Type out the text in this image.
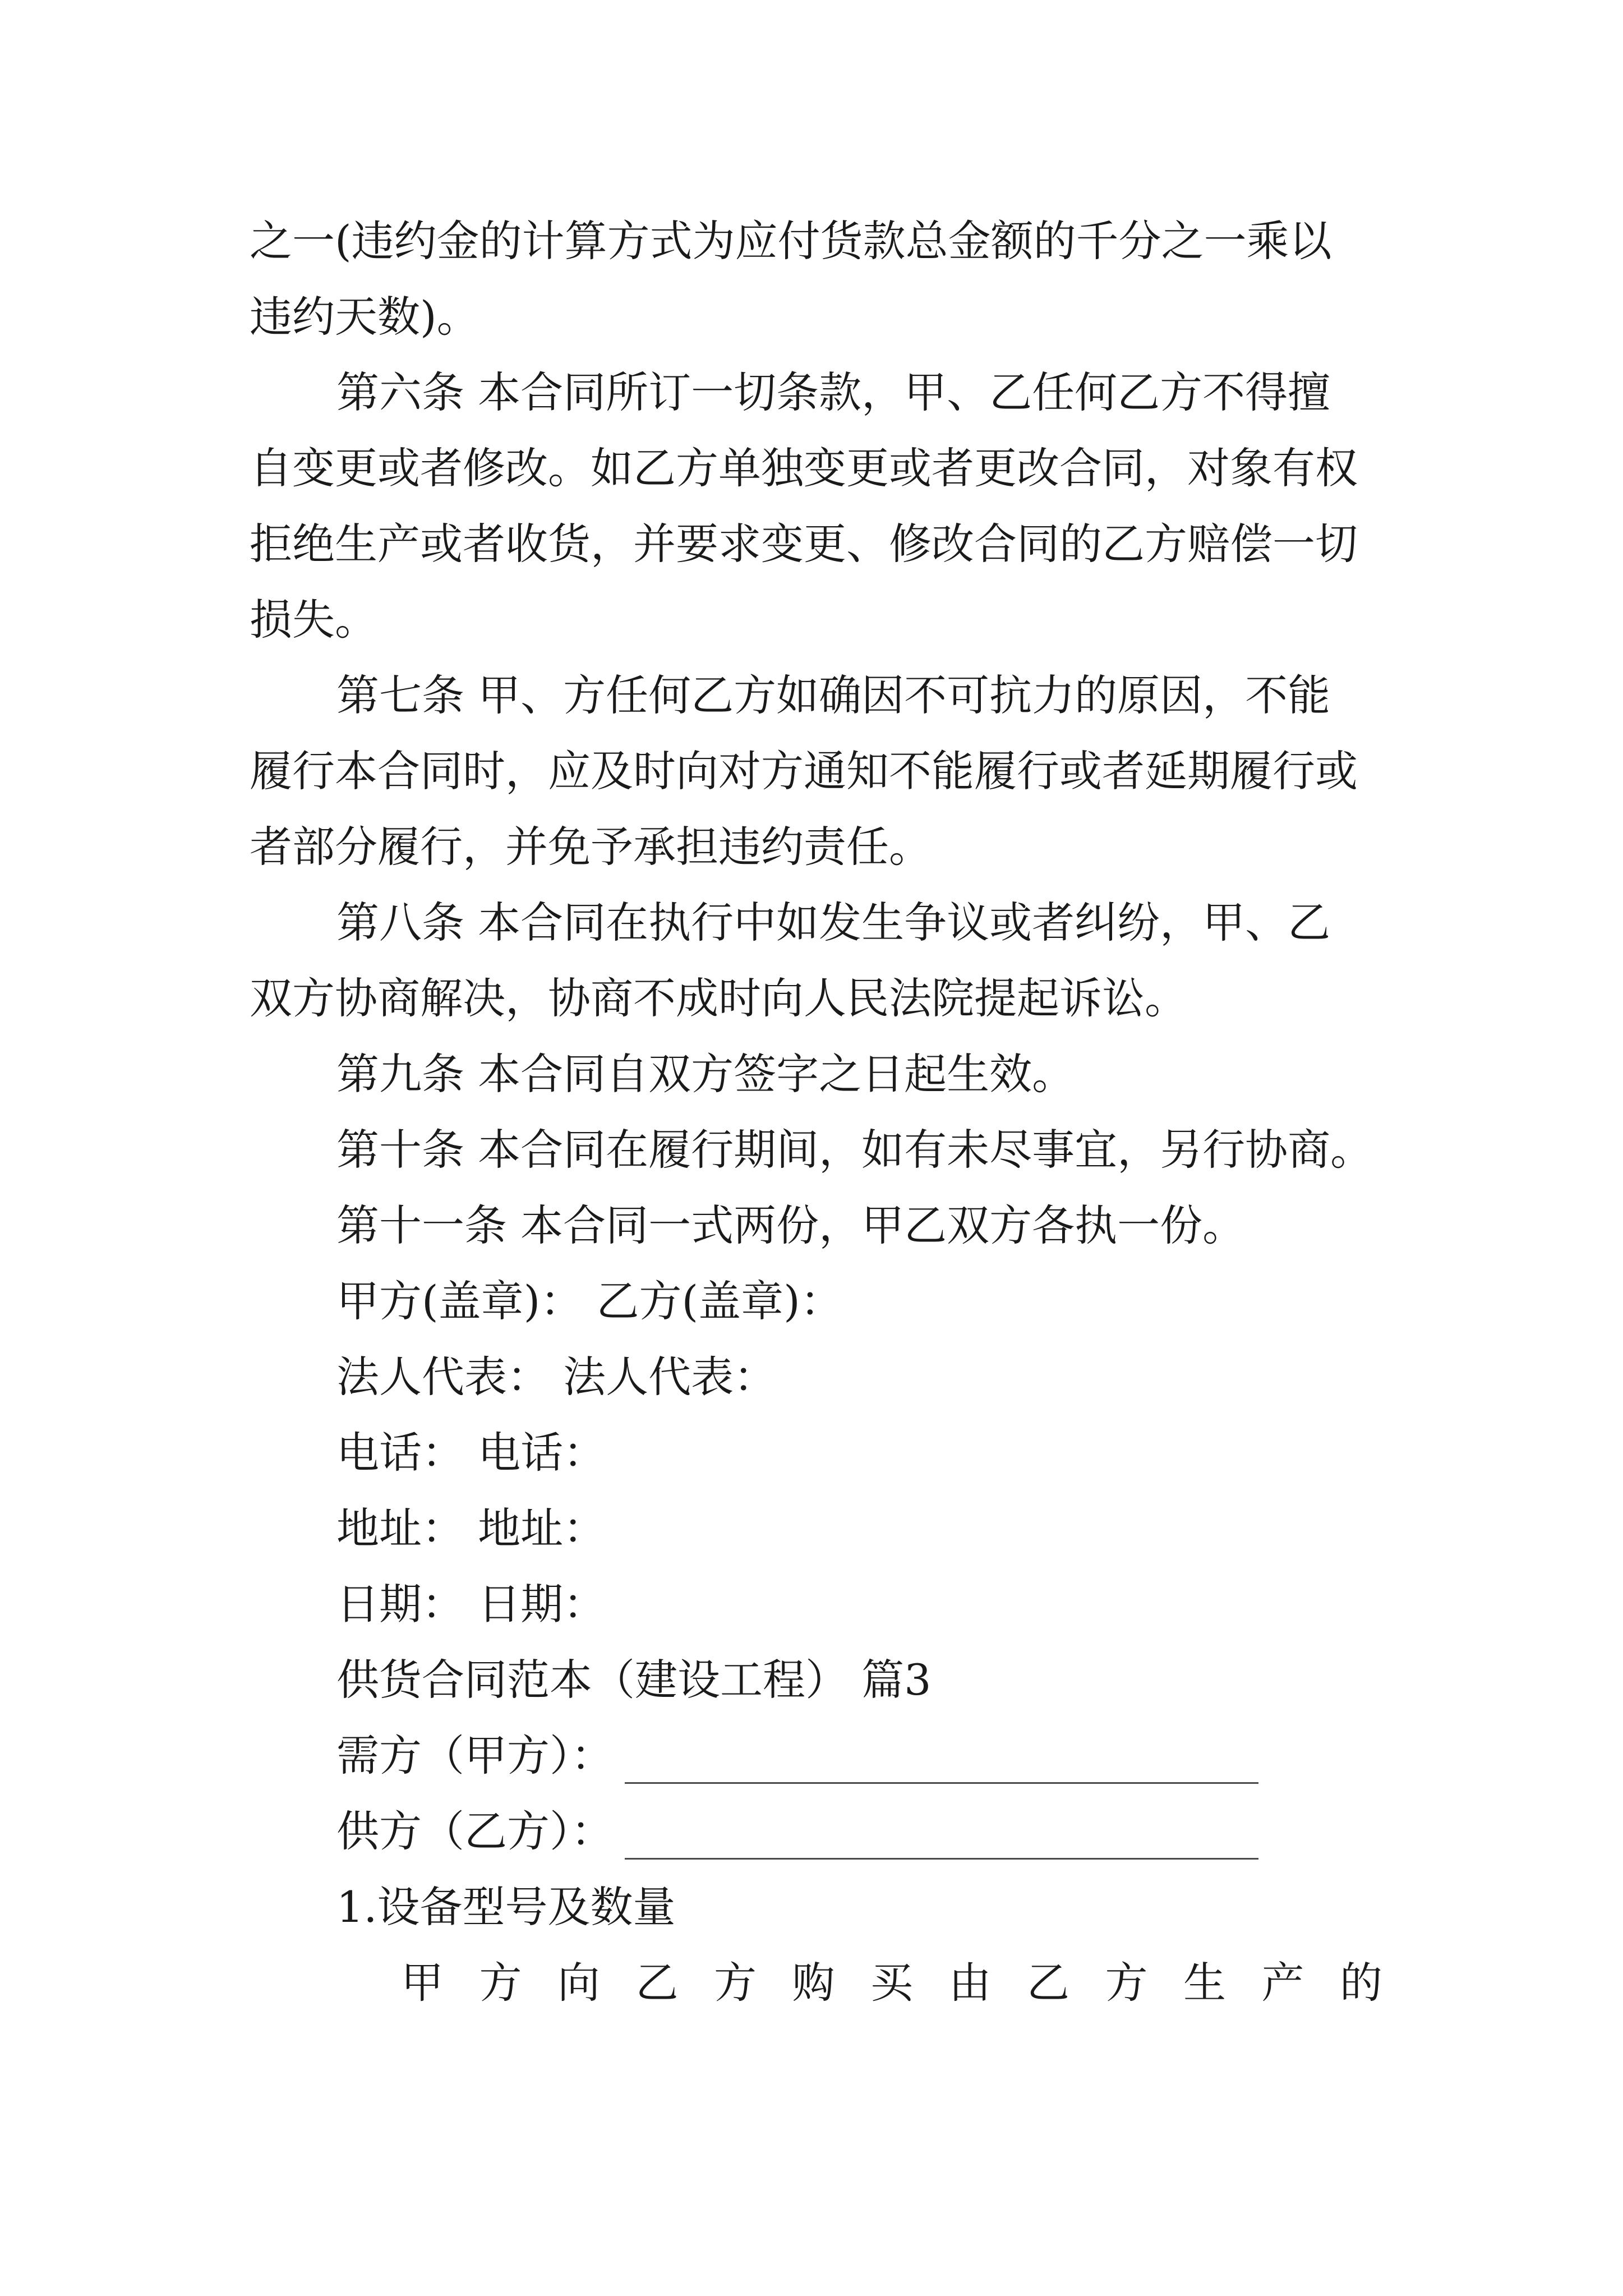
之一(违约金的计算方式为应付货款总金额的千分之一乘以
违约天数)。
第六条 本合同所订一切条款，甲、乙任何乙方不得擅
自变更或者修改。如乙方单独变更或者更改合同，对象有权
拒绝生产或者收货，并要求变更、修改合同的乙方赔偿一切
损失。
第七条 甲、方任何乙方如确因不可抗力的原因，不能
履行本合同时，应及时向对方通知不能履行或者延期履行或
者部分履行，并免予承担违约责任。
第八条 本合同在执行中如发生争议或者纠纷，甲、乙
双方协商解决，协商不成时向人民法院提起诉讼。
第九条 本合同自双方签字之日起生效。
第十条 本合同在履行期间，如有未尽事宜，另行协商。
第十一条 本合同一式两份，甲乙双方各执一份。
甲方(盖章)： 乙方(盖章)：
法人代表： 法人代表：
电话： 电话：
地址： 地址：
日期： 日期：
供货合同范本（建设工程） 篇3
需方（甲方）：
供方（乙方）：
1.设备型号及数量
甲 方 向 乙 方 购 买 由 乙 方 生 产 的
